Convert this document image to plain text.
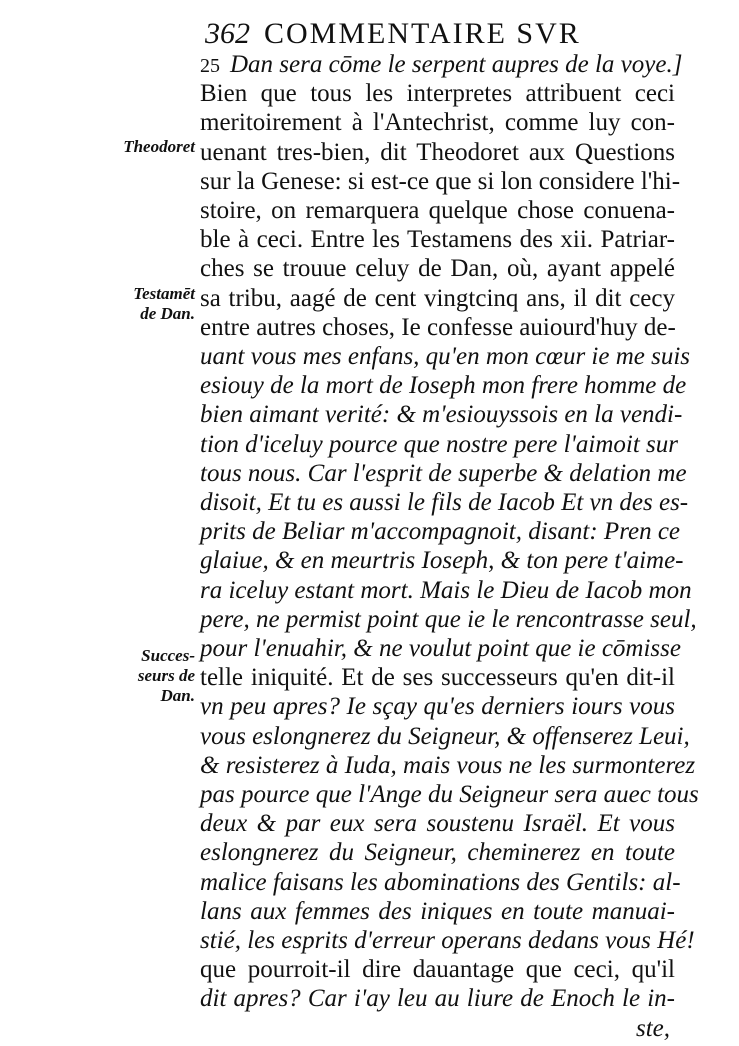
362 COMMENTAIRE SVR
Theodoret
Testamēt
de Dan.
Succes-
seurs de
Dan.
25 Dan sera cōme le serpent aupres de la voye.]
Bien que tous les interpretes attribuent ceci
meritoirement à l'Antechrist, comme luy con-
uenant tres-bien, dit Theodoret aux Questions
sur la Genese: si est-ce que si lon considere l'hi-
stoire, on remarquera quelque chose conuena-
ble à ceci. Entre les Testamens des xii. Patriar-
ches se trouue celuy de Dan, où, ayant appelé
sa tribu, aagé de cent vingtcinq ans, il dit cecy
entre autres choses, Ie confesse auiourd'huy de-
uant vous mes enfans, qu'en mon cœur ie me suis
esiouy de la mort de Ioseph mon frere homme de
bien aimant verité: & m'esiouyssois en la vendi-
tion d'iceluy pource que nostre pere l'aimoit sur
tous nous. Car l'esprit de superbe & delation me
disoit, Et tu es aussi le fils de Iacob Et vn des es-
prits de Beliar m'accompagnoit, disant: Pren ce
glaiue, & en meurtris Ioseph, & ton pere t'aime-
ra iceluy estant mort. Mais le Dieu de Iacob mon
pere, ne permist point que ie le rencontrasse seul,
pour l'enuahir, & ne voulut point que ie cōmisse
telle iniquité. Et de ses successeurs qu'en dit-il
vn peu apres? Ie sçay qu'es derniers iours vous
vous eslongnerez du Seigneur, & offenserez Leui,
& resisterez à Iuda, mais vous ne les surmonterez
pas pource que l'Ange du Seigneur sera auec tous
deux & par eux sera soustenu Israël. Et vous
eslongnerez du Seigneur, cheminerez en toute
malice faisans les abominations des Gentils: al-
lans aux femmes des iniques en toute manuai-
stié, les esprits d'erreur operans dedans vous Hé!
que pourroit-il dire dauantage que ceci, qu'il
dit apres? Car i'ay leu au liure de Enoch le in-
ste,
